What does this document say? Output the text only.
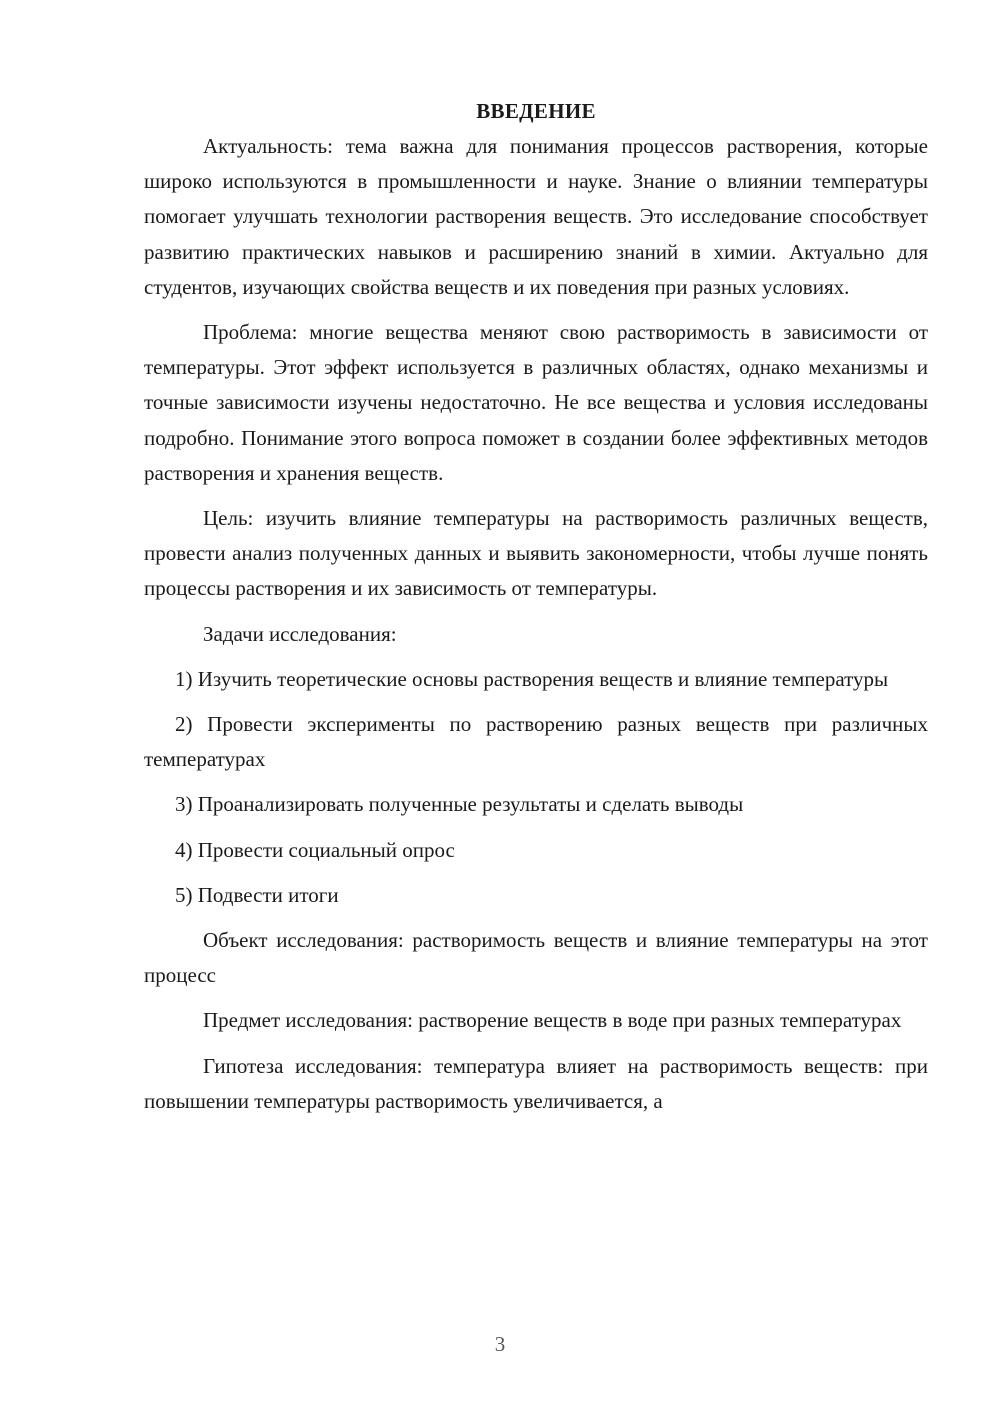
ВВЕДЕНИЕ

Актуальность: тема важна для понимания процессов растворения, которые широко используются в промышленности и науке. Знание о влиянии температуры помогает улучшать технологии растворения веществ. Это исследование способствует развитию практических навыков и расширению знаний в химии. Актуально для студентов, изучающих свойства веществ и их поведения при разных условиях.

Проблема: многие вещества меняют свою растворимость в зависимости от температуры. Этот эффект используется в различных областях, однако механизмы и точные зависимости изучены недостаточно. Не все вещества и условия исследованы подробно. Понимание этого вопроса поможет в создании более эффективных методов растворения и хранения веществ.

Цель: изучить влияние температуры на растворимость различных веществ, провести анализ полученных данных и выявить закономерности, чтобы лучше понять процессы растворения и их зависимость от температуры.

Задачи исследования:

1) Изучить теоретические основы растворения веществ и влияние температуры

2) Провести эксперименты по растворению разных веществ при различных температурах

3) Проанализировать полученные результаты и сделать выводы

4) Провести социальный опрос

5) Подвести итоги

Объект исследования: растворимость веществ и влияние температуры на этот процесс

Предмет исследования: растворение веществ в воде при разных температурах

Гипотеза исследования: температура влияет на растворимость веществ: при повышении температуры растворимость увеличивается, а

3
